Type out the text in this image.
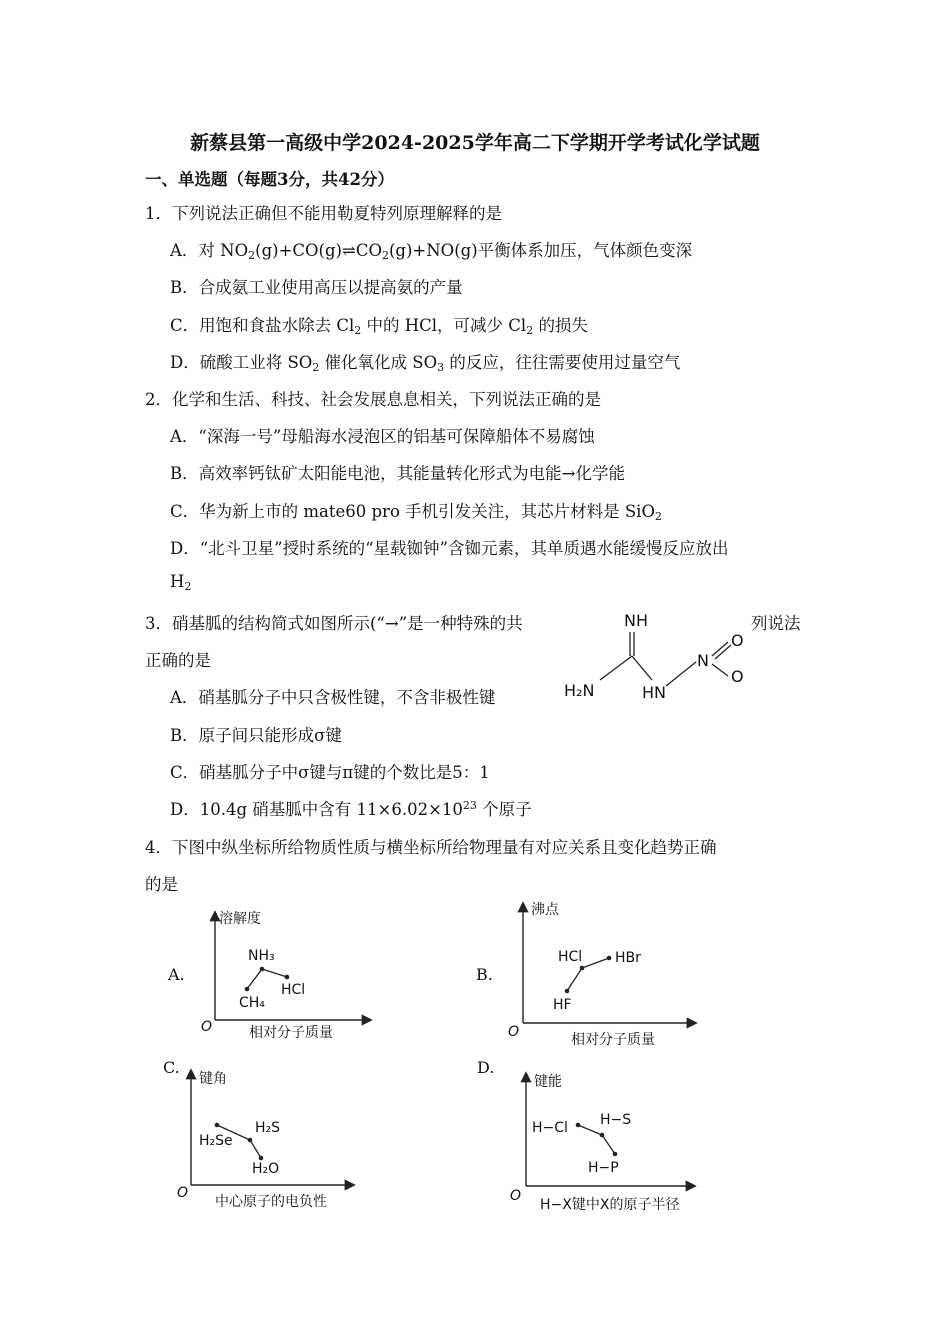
新蔡县第一高级中学2024-2025学年高二下学期开学考试化学试题
一、单选题（每题3分，共42分）
1．下列说法正确但不能用勒夏特列原理解释的是
A．对 $NO_2(g)+CO(g)\rightleftharpoons CO_2(g)+NO(g)$平衡体系加压，气体颜色变深
B．合成氨工业使用高压以提高氨的产量
C．用饱和食盐水除去 $Cl_2$ 中的 HCl，可减少 $Cl_2$ 的损失
D．硫酸工业将 $SO_2$ 催化氧化成 $SO_3$ 的反应，往往需要使用过量空气
2．化学和生活、科技、社会发展息息相关，下列说法正确的是
A．“深海一号”母船海水浸泡区的铝基可保障船体不易腐蚀
B．高效率钙钛矿太阳能电池，其能量转化形式为电能→化学能
C．华为新上市的 mate60 pro 手机引发关注，其芯片材料是 SiO$_2$
D．“北斗卫星”授时系统的“星载铷钟”含铷元素，其单质遇水能缓慢反应放出
$H_2$
3．硝基胍的结构简式如图所示(“→”是一种特殊的共	列说法
正确的是
NH
H₂N	HN
N
O
O
A．硝基胍分子中只含极性键，不含非极性键
B．原子间只能形成σ键
C．硝基胍分子中σ键与π键的个数比是5：1
D．10.4g 硝基胍中含有 $11\times 6.02\times 10^{23}$ 个原子
4．下图中纵坐标所给物质性质与横坐标所给物理量有对应关系且变化趋势正确
的是
A.
溶解度
相对分子质量
O
CH₄
NH₃
HCl
B.
沸点
相对分子质量
O
HF
HCl HBr
C.
键角
中心原子的电负性
O
H₂Se
H₂S
H₂O
D.
键能
H−X键中X的原子半径
O
H−Cl H−S
H−P
